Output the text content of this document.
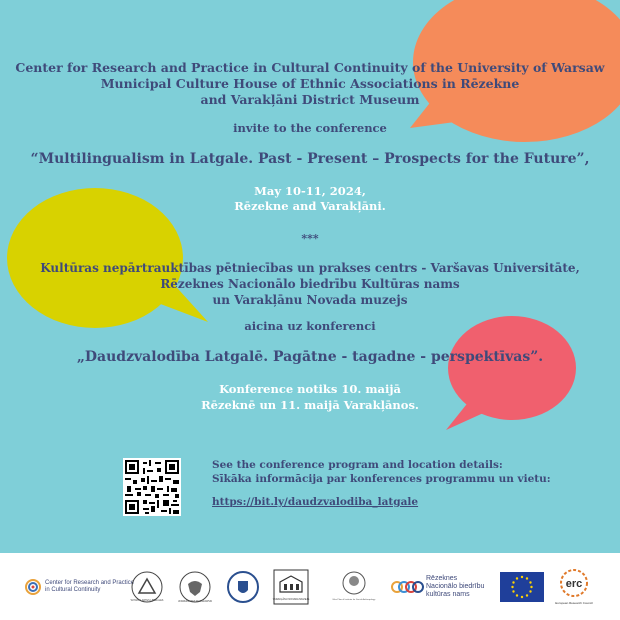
Center for Research and Practice in Cultural Continuity of the University of Warsaw
Municipal Culture House of Ethnic Associations in Rēzekne
and Varakļāni District Museum
invite to the conference
“Multilingualism in Latgale. Past - Present – Prospects for the Future”,
May 10-11, 2024,
Rēzekne and Varakļāni.
***
Kultūras nepārtrauktības pētniecības un prakses centrs - Varšavas Universitāte,
Rēzeknes Nacionālo biedrību Kultūras nams
un Varakļānu Novada muzejs
aicina uz konferenci
„Daudzvalodība Latgalē. Pagātne - tagadne - perspektīvas”.
Konference notiks 10. maijā
Rēzeknē un 11. maijā Varakļānos.
See the conference program and location details:
Sīkāka informācija par konferences programmu un vietu:
https://bit.ly/daudzvalodiba_latgale
Center for Research and Practice
in Cultural Continuity
WYDZIAŁ ARTES LIBERALES	UNIWERSYTET WARSZAWSKI
VARAKĻĀNU NOVADA MUZEJS	Max Planck Institute for Social Anthropology
Rēzeknes
Nacionālo biedrību
kultūras nams
erc
European Research Council
